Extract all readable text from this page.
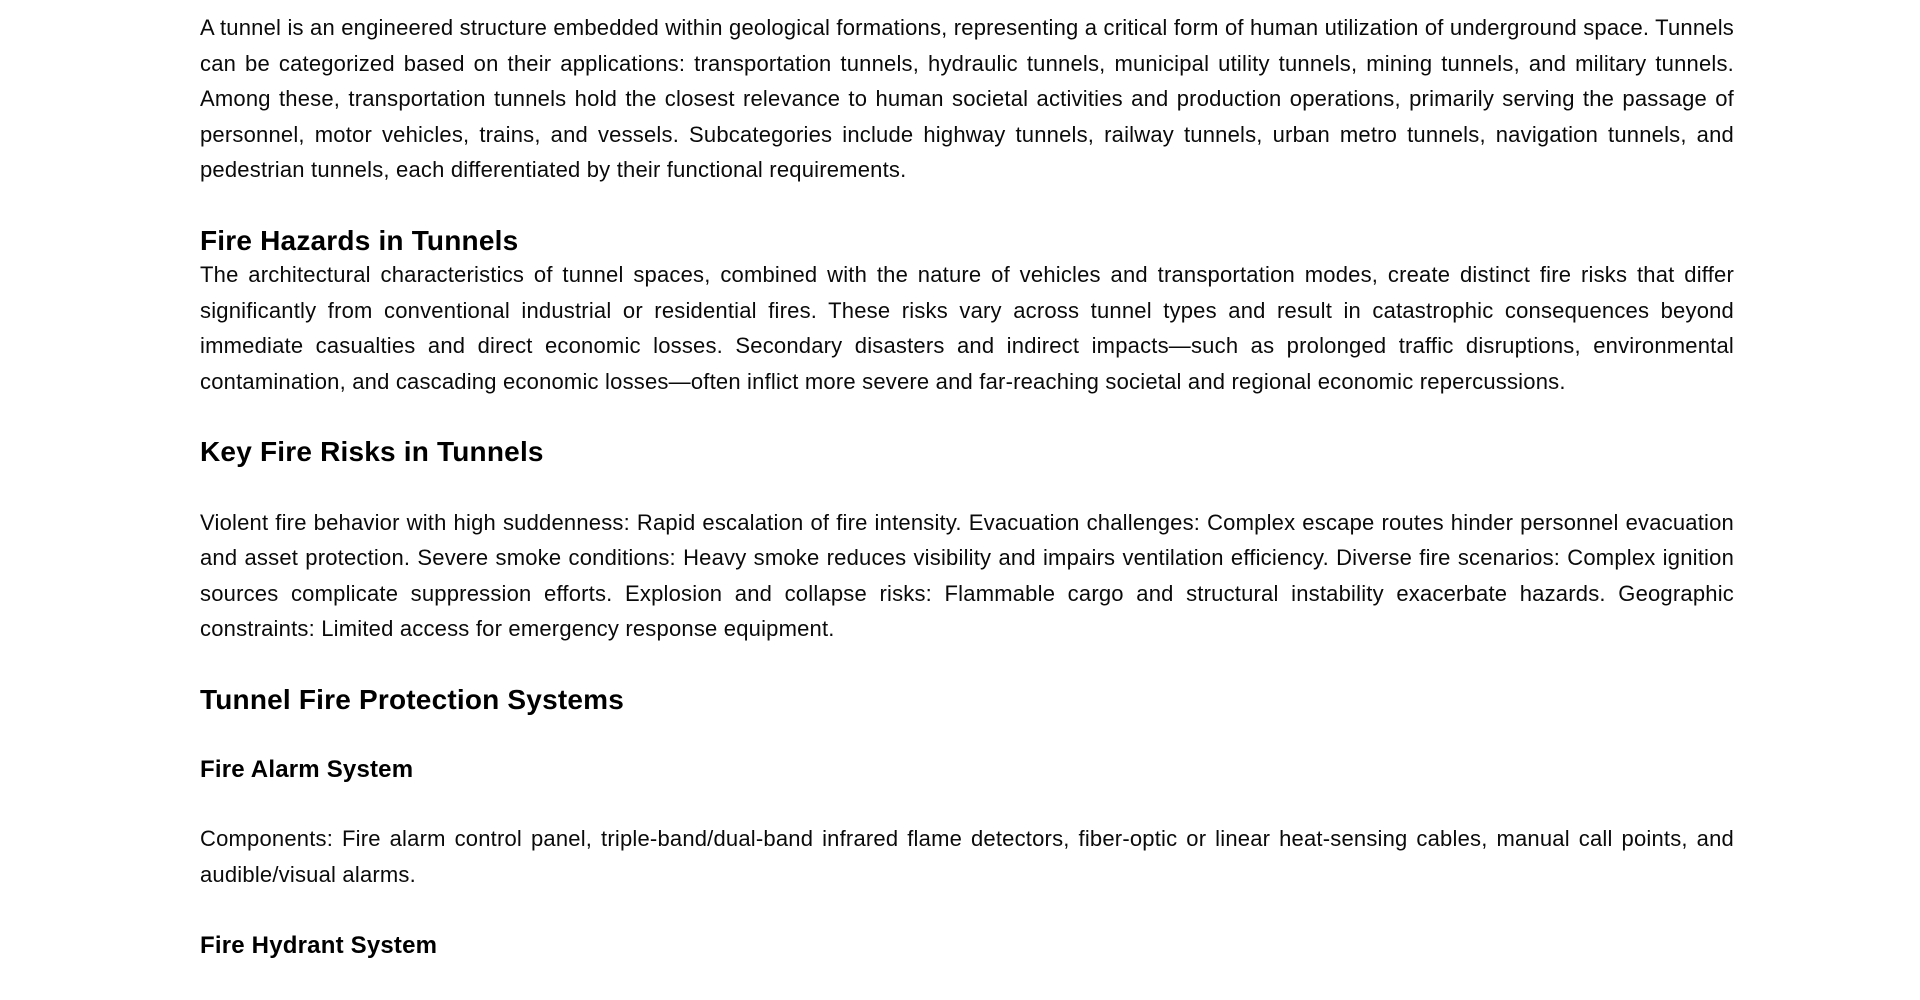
A tunnel is an engineered structure embedded within geological formations, representing a critical form of human utilization of underground space. Tunnels can be categorized based on their applications: transportation tunnels, hydraulic tunnels, municipal utility tunnels, mining tunnels, and military tunnels. Among these, transportation tunnels hold the closest relevance to human societal activities and production operations, primarily serving the passage of personnel, motor vehicles, trains, and vessels. Subcategories include highway tunnels, railway tunnels, urban metro tunnels, navigation tunnels, and pedestrian tunnels, each differentiated by their functional requirements.

Fire Hazards in Tunnels

The architectural characteristics of tunnel spaces, combined with the nature of vehicles and transportation modes, create distinct fire risks that differ significantly from conventional industrial or residential fires. These risks vary across tunnel types and result in catastrophic consequences beyond immediate casualties and direct economic losses. Secondary disasters and indirect impacts—such as prolonged traffic disruptions, environmental contamination, and cascading economic losses—often inflict more severe and far-reaching societal and regional economic repercussions.

Key Fire Risks in Tunnels

Violent fire behavior with high suddenness: Rapid escalation of fire intensity. Evacuation challenges: Complex escape routes hinder personnel evacuation and asset protection. Severe smoke conditions: Heavy smoke reduces visibility and impairs ventilation efficiency. Diverse fire scenarios: Complex ignition sources complicate suppression efforts. Explosion and collapse risks: Flammable cargo and structural instability exacerbate hazards. Geographic constraints: Limited access for emergency response equipment.

Tunnel Fire Protection Systems
Fire Alarm System

Components: Fire alarm control panel, triple-band/dual-band infrared flame detectors, fiber-optic or linear heat-sensing cables, manual call points, and audible/visual alarms.

Fire Hydrant System
